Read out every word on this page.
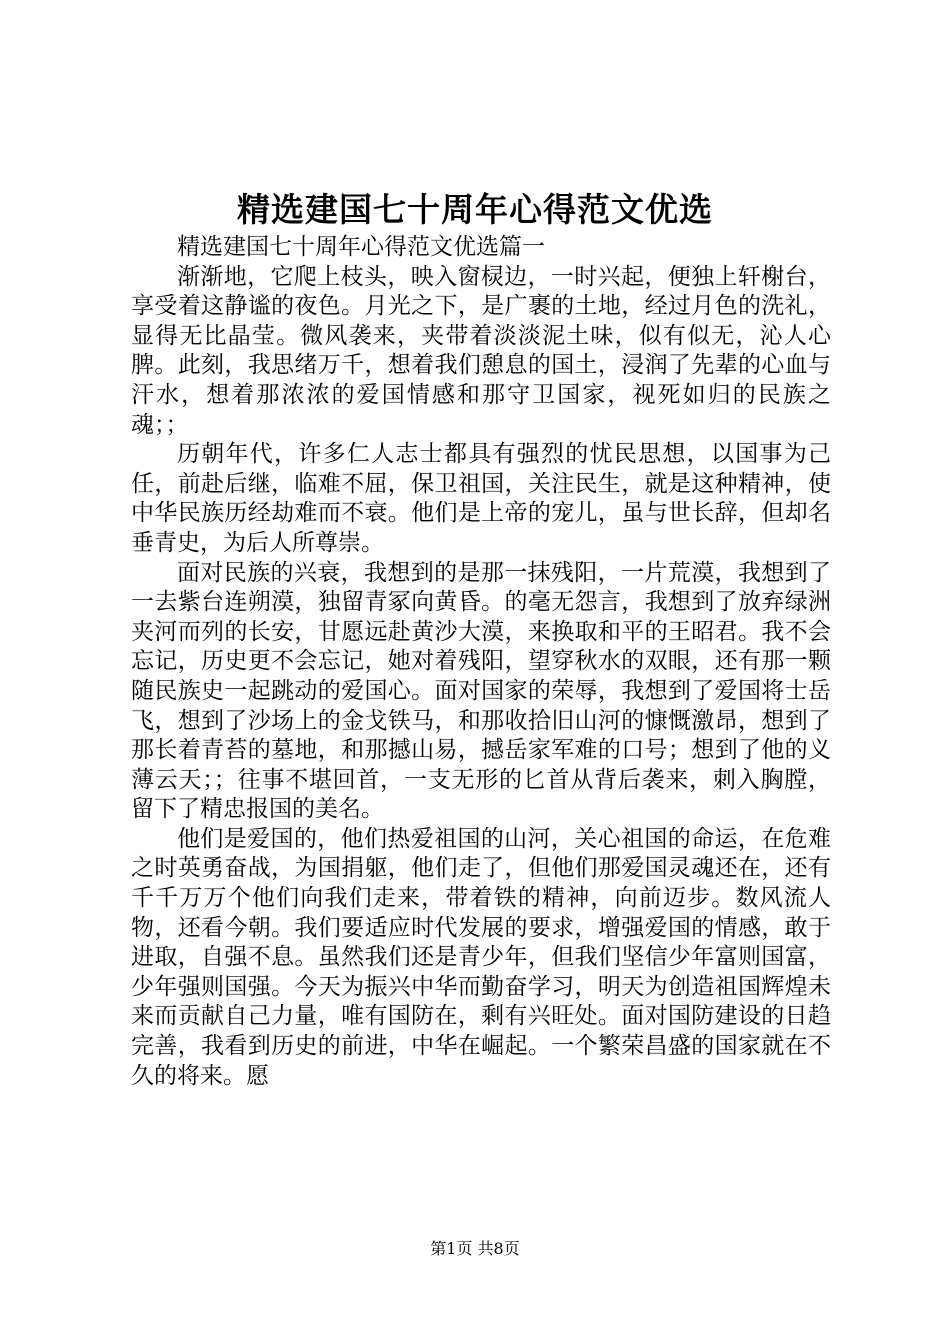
精选建国七十周年心得范文优选

精选建国七十周年心得范文优选篇一

渐渐地，它爬上枝头，映入窗棂边，一时兴起，便独上轩榭台，享受着这静谧的夜色。月光之下，是广裹的土地，经过月色的洗礼，显得无比晶莹。微风袭来，夹带着淡淡泥土味，似有似无，沁人心脾。此刻，我思绪万千，想着我们憩息的国土，浸润了先辈的心血与汗水，想着那浓浓的爱国情感和那守卫国家，视死如归的民族之魂；；

历朝年代，许多仁人志士都具有强烈的忧民思想，以国事为己任，前赴后继，临难不屈，保卫祖国，关注民生，就是这种精神，使中华民族历经劫难而不衰。他们是上帝的宠儿，虽与世长辞，但却名垂青史，为后人所尊崇。

面对民族的兴衰，我想到的是那一抹残阳，一片荒漠，我想到了一去紫台连朔漠，独留青冢向黄昏。的毫无怨言，我想到了放弃绿洲夹河而列的长安，甘愿远赴黄沙大漠，来换取和平的王昭君。我不会忘记，历史更不会忘记，她对着残阳，望穿秋水的双眼，还有那一颗随民族史一起跳动的爱国心。面对国家的荣辱，我想到了爱国将士岳飞，想到了沙场上的金戈铁马，和那收拾旧山河的慷慨激昂，想到了那长着青苔的墓地，和那撼山易，撼岳家军难的口号；想到了他的义薄云天；；往事不堪回首，一支无形的匕首从背后袭来，刺入胸膛，留下了精忠报国的美名。

他们是爱国的，他们热爱祖国的山河，关心祖国的命运，在危难之时英勇奋战，为国捐躯，他们走了，但他们那爱国灵魂还在，还有千千万万个他们向我们走来，带着铁的精神，向前迈步。数风流人物，还看今朝。我们要适应时代发展的要求，增强爱国的情感，敢于进取，自强不息。虽然我们还是青少年，但我们坚信少年富则国富，少年强则国强。今天为振兴中华而勤奋学习，明天为创造祖国辉煌未来而贡献自己力量，唯有国防在，剩有兴旺处。面对国防建设的日趋完善，我看到历史的前进，中华在崛起。一个繁荣昌盛的国家就在不久的将来。愿

第1页 共8页
